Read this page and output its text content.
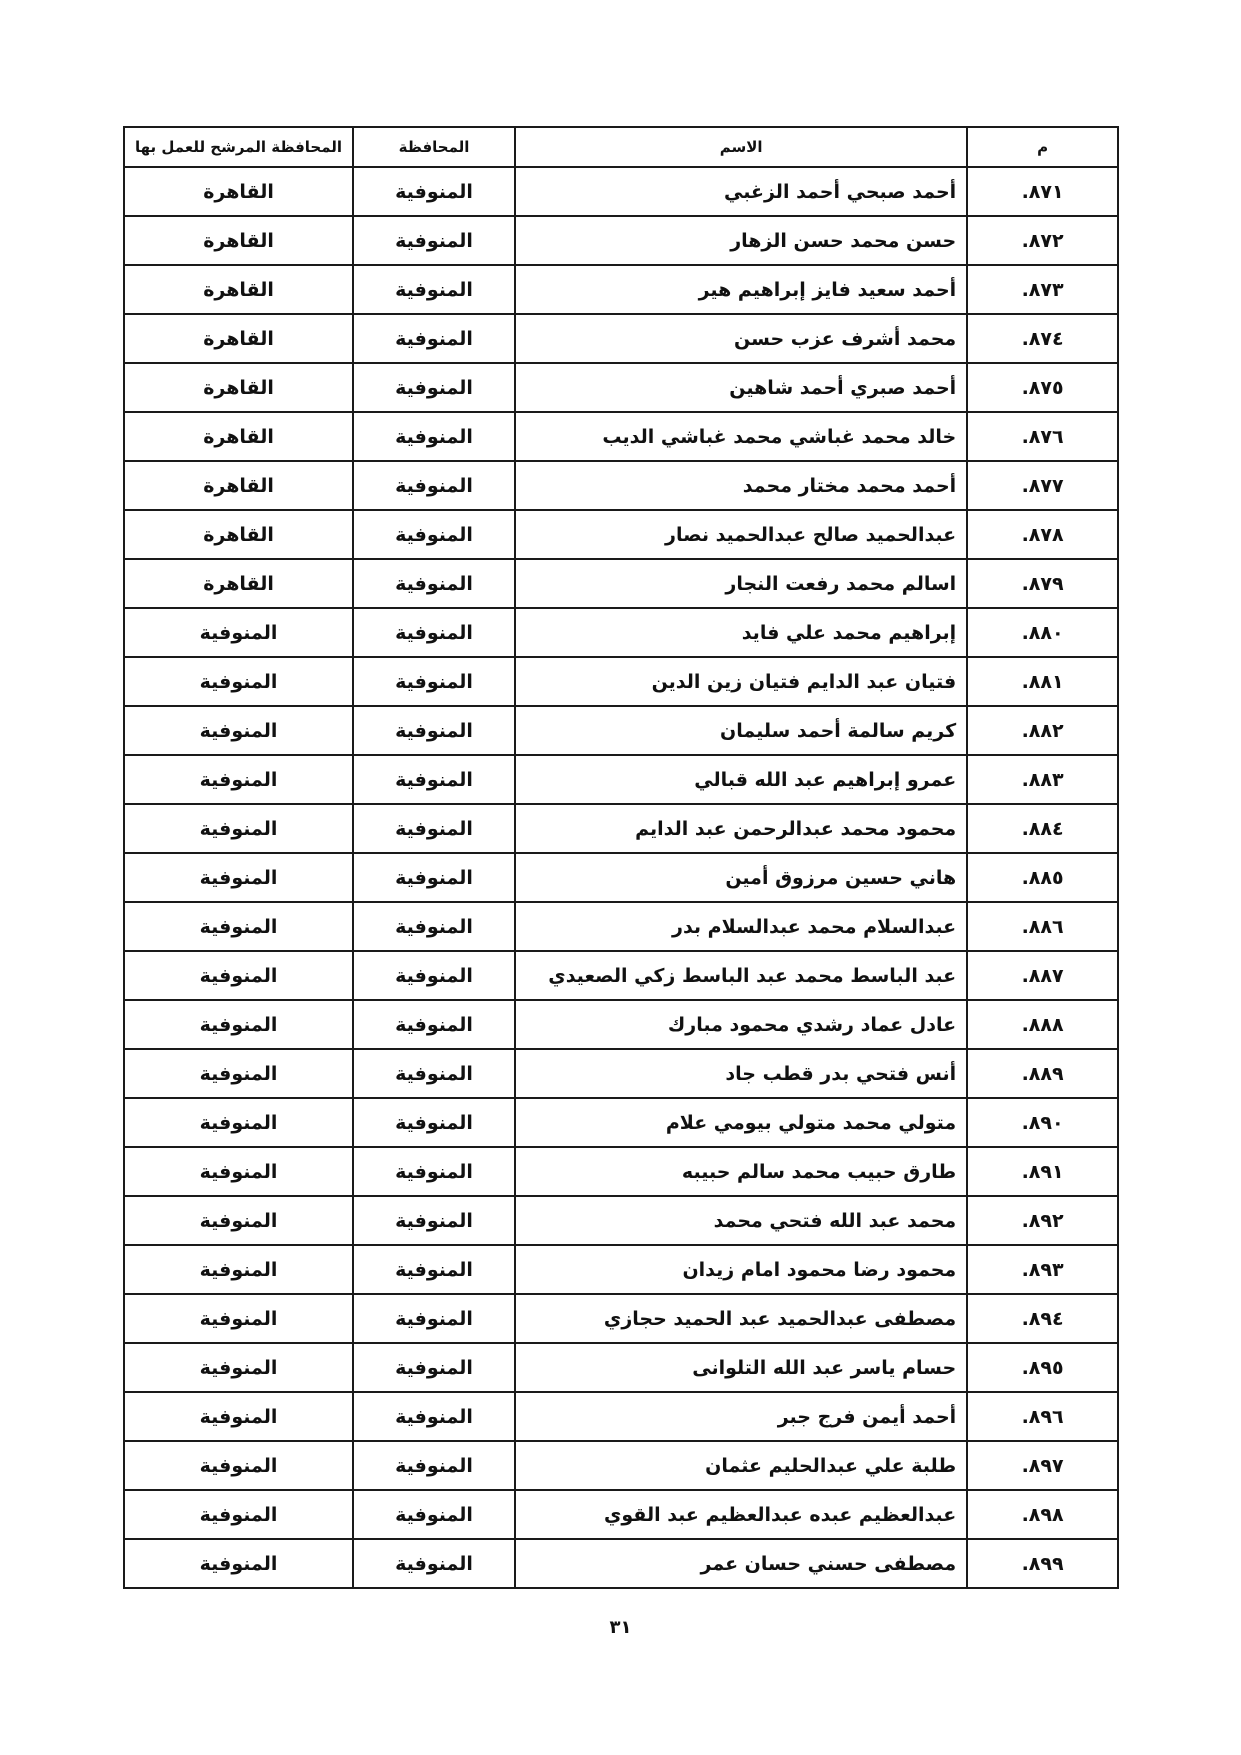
م	الاسم	المحافظة	المحافظة المرشح للعمل بها
٨٧١.	أحمد صبحي أحمد الزغبي	المنوفية	القاهرة
٨٧٢.	حسن محمد حسن الزهار	المنوفية	القاهرة
٨٧٣.	أحمد سعيد فايز إبراهيم هير	المنوفية	القاهرة
٨٧٤.	محمد أشرف عزب حسن	المنوفية	القاهرة
٨٧٥.	أحمد صبري أحمد شاهين	المنوفية	القاهرة
٨٧٦.	خالد محمد غباشي محمد غباشي الديب	المنوفية	القاهرة
٨٧٧.	أحمد محمد مختار محمد	المنوفية	القاهرة
٨٧٨.	عبدالحميد صالح عبدالحميد نصار	المنوفية	القاهرة
٨٧٩.	اسالم محمد رفعت النجار	المنوفية	القاهرة
٨٨٠.	إبراهيم محمد علي فايد	المنوفية	المنوفية
٨٨١.	فتيان عبد الدايم فتيان زين الدين	المنوفية	المنوفية
٨٨٢.	كريم سالمة أحمد سليمان	المنوفية	المنوفية
٨٨٣.	عمرو إبراهيم عبد الله قبالي	المنوفية	المنوفية
٨٨٤.	محمود محمد عبدالرحمن عبد الدايم	المنوفية	المنوفية
٨٨٥.	هاني حسين مرزوق أمين	المنوفية	المنوفية
٨٨٦.	عبدالسلام محمد عبدالسلام بدر	المنوفية	المنوفية
٨٨٧.	عبد الباسط محمد عبد الباسط زكي الصعيدي	المنوفية	المنوفية
٨٨٨.	عادل عماد رشدي محمود مبارك	المنوفية	المنوفية
٨٨٩.	أنس فتحي بدر قطب جاد	المنوفية	المنوفية
٨٩٠.	متولي محمد متولي بيومي علام	المنوفية	المنوفية
٨٩١.	طارق حبيب محمد سالم حبيبه	المنوفية	المنوفية
٨٩٢.	محمد عبد الله فتحي محمد	المنوفية	المنوفية
٨٩٣.	محمود رضا محمود امام زيدان	المنوفية	المنوفية
٨٩٤.	مصطفى عبدالحميد عبد الحميد حجازي	المنوفية	المنوفية
٨٩٥.	حسام ياسر عبد الله التلوانى	المنوفية	المنوفية
٨٩٦.	أحمد أيمن فرج جبر	المنوفية	المنوفية
٨٩٧.	طلبة علي عبدالحليم عثمان	المنوفية	المنوفية
٨٩٨.	عبدالعظيم عبده عبدالعظيم عبد القوي	المنوفية	المنوفية
٨٩٩.	مصطفى حسني حسان عمر	المنوفية	المنوفية
٣١
